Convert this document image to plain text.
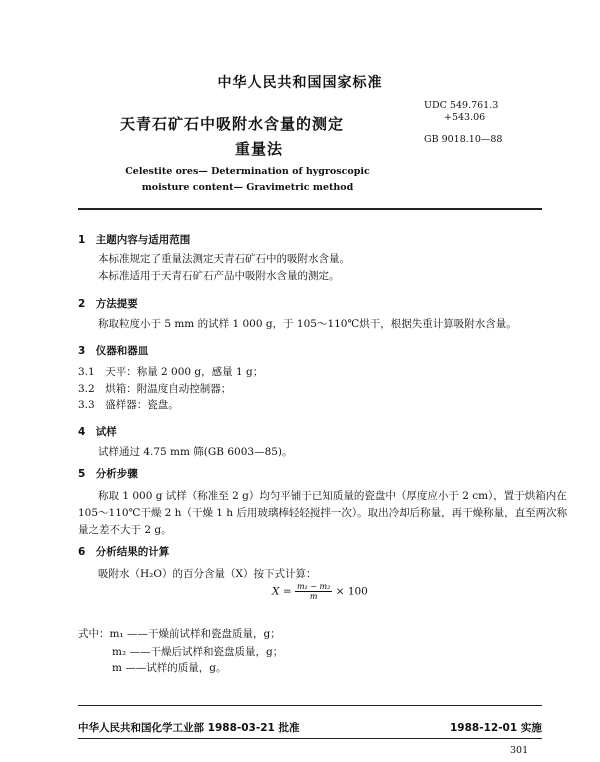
中华人民共和国国家标准
天青石矿石中吸附水含量的测定
重量法
UDC 549.761.3
+543.06
GB 9018.10—88
Celestite ores— Determination of hygroscopic
moisture content— Gravimetric method
1　主题内容与适用范围
本标准规定了重量法测定天青石矿石中的吸附水含量。
本标准适用于天青石矿石产品中吸附水含量的测定。
2　方法提要
称取粒度小于 5 mm 的试样 1 000 g，于 105～110℃烘干，根据失重计算吸附水含量。
3　仪器和器皿
3.1　天平：称量 2 000 g，感量 1 g；
3.2　烘箱：附温度自动控制器；
3.3　盛样器：瓷盘。
4　试样
试样通过 4.75 mm 筛(GB 6003—85)。
5　分析步骤
称取 1 000 g 试样（称准至 2 g）均匀平铺于已知质量的瓷盘中（厚度应小于 2 cm），置于烘箱内在
105～110℃干燥 2 h（干燥 1 h 后用玻璃棒轻轻搅拌一次）。取出冷却后称量，再干燥称量，直至两次称
量之差不大于 2 g。
6　分析结果的计算
吸附水（H₂O）的百分含量（X）按下式计算：
$X = \frac{\text{m₁ − m₂}}{m} \times 100$
式中：m₁ ——干燥前试样和瓷盘质量，g；
m₂ ——干燥后试样和瓷盘质量，g；
m ——试样的质量，g。
中华人民共和国化学工业部 1988-03-21 批准	1988-12-01 实施
301
